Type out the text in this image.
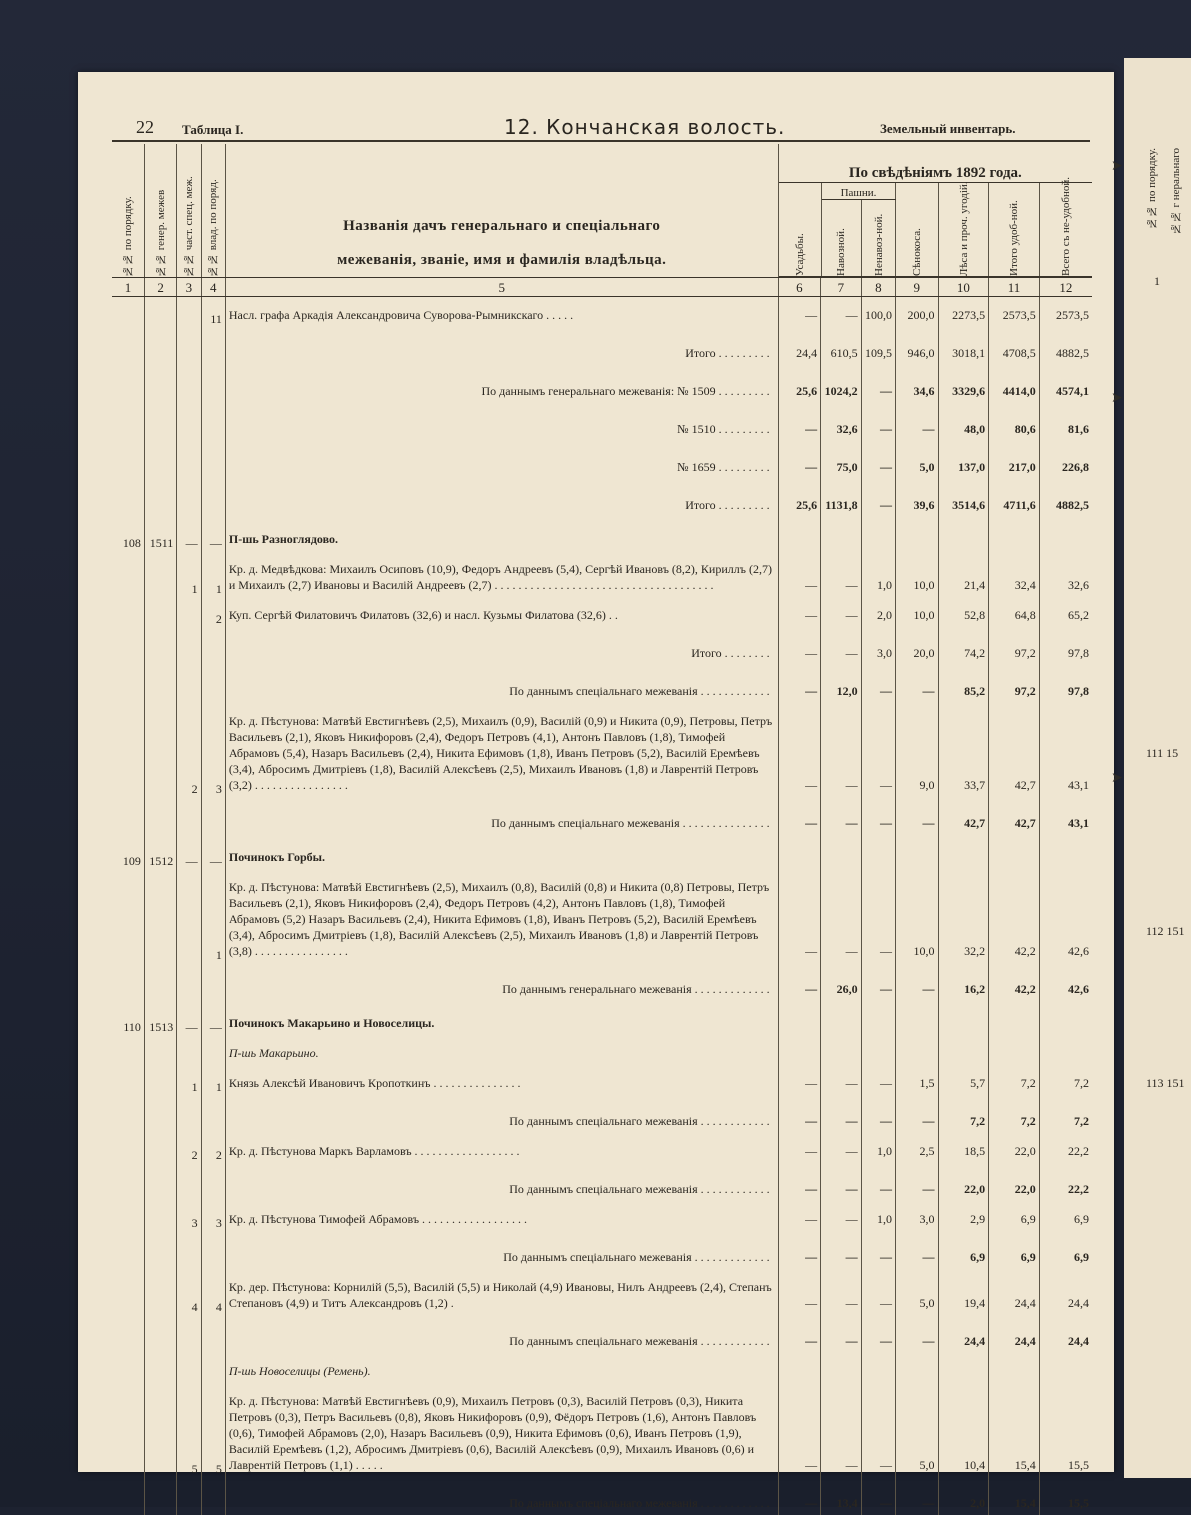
№№ по порядку. №№ г неральнаго
1
111 15
112 151
113 151
22 Таблица I.	12. Кончанская волость.	Земельный инвентарь.
№№ по порядку.	№№ генер. межев	№№ част. спец. меж.	№№ влад. по поряд.	Названія дачъ генеральнаго и спеціальнаго
межеванія, званіе, имя и фамилія владѣльца.
	По свѣдѣніямъ 1892 года.

Усадьбы.
	Пашни.	
Сѣнокоса.	Лѣса и проч. угодій.	Итого удоб-ной.	Всего съ не-удобной.

Навозной.	Ненавоз-ной.

1	2	3	4	5	6	7	8	9	10	11	12
			11	Насл. графа Аркадія Александровича Суворова-Рымникскаго . . . . .	—	—	100,0	200,0	2273,5	2573,5	2573,5
				Итого . . . . . . . . .	24,4	610,5	109,5	946,0	3018,1	4708,5	4882,5
				По даннымъ генеральнаго межеванія: № 1509 . . . . . . . . .	25,6	1024,2	—	34,6	3329,6	4414,0	4574,1
				№ 1510 . . . . . . . . .	—	32,6	—	—	48,0	80,6	81,6
				№ 1659 . . . . . . . . .	—	75,0	—	5,0	137,0	217,0	226,8
				Итого . . . . . . . . .	25,6	1131,8	—	39,6	3514,6	4711,6	4882,5
108	1511	—	—	П-шь Разноглядово.							
		1	1	Кр. д. Медвѣдкова: Михаилъ Осиповъ (10,9), Федоръ Андреевъ (5,4), Сергѣй Ивановъ (8,2), Кириллъ (2,7) и Михаилъ (2,7) Ивановы и Василій Андреевъ (2,7) . . . . . . . . . . . . . . . . . . . . . . . . . . . . . . . . . . . . .	—	—	1,0	10,0	21,4	32,4	32,6
			2	Куп. Сергѣй Филатовичъ Филатовъ (32,6) и насл. Кузьмы Филатова (32,6) . .	—	—	2,0	10,0	52,8	64,8	65,2
				Итого . . . . . . . .	—	—	3,0	20,0	74,2	97,2	97,8
				По даннымъ спеціальнаго межеванія . . . . . . . . . . . .	—	12,0	—	—	85,2	97,2	97,8
		2	3	Кр. д. Пѣстунова: Матвѣй Евстигнѣевъ (2,5), Михаилъ (0,9), Василій (0,9) и Никита (0,9), Петровы, Петръ Васильевъ (2,1), Яковъ Никифоровъ (2,4), Федоръ Петровъ (4,1), Антонъ Павловъ (1,8), Тимофей Абрамовъ (5,4), Назаръ Васильевъ (2,4), Никита Ефимовъ (1,8), Иванъ Петровъ (5,2), Василій Еремѣевъ (3,4), Абросимъ Дмитріевъ (1,8), Василій Алексѣевъ (2,5), Михаилъ Ивановъ (1,8) и Лаврентій Петровъ (3,2) . . . . . . . . . . . . . . . .	—	—	—	9,0	33,7	42,7	43,1
				По даннымъ спеціальнаго межеванія . . . . . . . . . . . . . . .	—	—	—	—	42,7	42,7	43,1
109	1512	—	—	Починокъ Горбы.							
			1	Кр. д. Пѣстунова: Матвѣй Евстигнѣевъ (2,5), Михаилъ (0,8), Василій (0,8) и Никита (0,8) Петровы, Петръ Васильевъ (2,1), Яковъ Никифоровъ (2,4), Федоръ Петровъ (4,2), Антонъ Павловъ (1,8), Тимофей Абрамовъ (5,2) Назаръ Васильевъ (2,4), Никита Ефимовъ (1,8), Иванъ Петровъ (5,2), Василій Еремѣевъ (3,4), Абросимъ Дмитріевъ (1,8), Василій Алексѣевъ (2,5), Михаилъ Ивановъ (1,8) и Лаврентій Петровъ (3,8) . . . . . . . . . . . . . . . .	—	—	—	10,0	32,2	42,2	42,6
				По даннымъ генеральнаго межеванія . . . . . . . . . . . . .	—	26,0	—	—	16,2	42,2	42,6
110	1513	—	—	Починокъ Макарьино и Новоселицы.							
				П-шь Макарьино.							
		1	1	Князь Алексѣй Ивановичъ Кропоткинъ . . . . . . . . . . . . . . .	—	—	—	1,5	5,7	7,2	7,2
				По даннымъ спеціальнаго межеванія . . . . . . . . . . . .	—	—	—	—	7,2	7,2	7,2
		2	2	Кр. д. Пѣстунова Маркъ Варламовъ . . . . . . . . . . . . . . . . . .	—	—	1,0	2,5	18,5	22,0	22,2
				По даннымъ спеціальнаго межеванія . . . . . . . . . . . .	—	—	—	—	22,0	22,0	22,2
		3	3	Кр. д. Пѣстунова Тимофей Абрамовъ . . . . . . . . . . . . . . . . . .	—	—	1,0	3,0	2,9	6,9	6,9
				По даннымъ спеціальнаго межеванія . . . . . . . . . . . . .	—	—	—	—	6,9	6,9	6,9
		4	4	Кр. дер. Пѣстунова: Корнилій (5,5), Василій (5,5) и Николай (4,9) Ивановы, Нилъ Андреевъ (2,4), Степанъ Степановъ (4,9) и Титъ Александровъ (1,2) .	—	—	—	5,0	19,4	24,4	24,4
				По даннымъ спеціальнаго межеванія . . . . . . . . . . . .	—	—	—	—	24,4	24,4	24,4
				П-шь Новоселицы (Ремень).							
		5	5	Кр. д. Пѣстунова: Матвѣй Евстигнѣевъ (0,9), Михаилъ Петровъ (0,3), Василій Петровъ (0,3), Никита Петровъ (0,3), Петръ Васильевъ (0,8), Яковъ Никифоровъ (0,9), Фёдоръ Петровъ (1,6), Антонъ Павловъ (0,6), Тимофей Абрамовъ (2,0), Назаръ Васильевъ (0,9), Никита Ефимовъ (0,6), Иванъ Петровъ (1,9), Василій Еремѣевъ (1,2), Абросимъ Дмитріевъ (0,6), Василій Алексѣевъ (0,9), Михаилъ Ивановъ (0,6) и Лаврентій Петровъ (1,1) . . . . .	—	—	—	5,0	10,4	15,4	15,5
				По даннымъ спеціальнаго межеванія . . . . . . . . . . . .	—	13,4	—	—	2,0	15,4	15,5
➤
➤
➤
